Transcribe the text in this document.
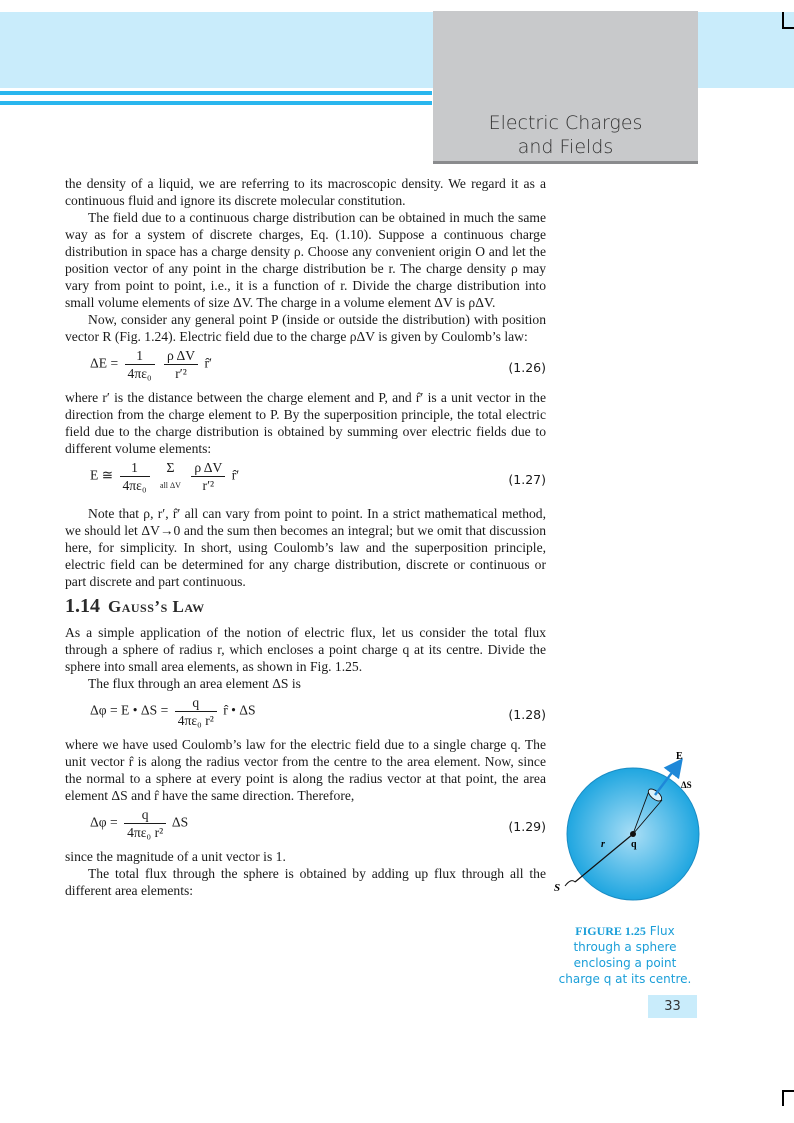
Electric Charges
and Fields

the density of a liquid, we are referring to its macroscopic density. We regard it as a continuous fluid and ignore its discrete molecular constitution.

The field due to a continuous charge distribution can be obtained in much the same way as for a system of discrete charges, Eq. (1.10). Suppose a continuous charge distribution in space has a charge density ρ. Choose any convenient origin O and let the position vector of any point in the charge distribution be r. The charge density ρ may vary from point to point, i.e., it is a function of r. Divide the charge distribution into small volume elements of size ΔV. The charge in a volume element ΔV is ρΔV.

Now, consider any general point P (inside or outside the distribution) with position vector R (Fig. 1.24). Electric field due to the charge ρΔV is given by Coulomb’s law:

$\Delta E = \frac{1}{\text{4πε₀}}$
$\frac{\text{ρ ΔV}}{\text{r′²}}$ r̂′	(1.26)

where r′ is the distance between the charge element and P, and r̂′ is a unit vector in the direction from the charge element to P. By the superposition principle, the total electric field due to the charge distribution is obtained by summing over electric fields due to different volume elements:

E ≅ $\frac{1}{\text{4πε₀}}$
	Σ
all ΔV
$\frac{\text{ρ ΔV}}{\text{r′²}}$ r̂′	(1.27)

Note that ρ, r′, r̂′ all can vary from point to point. In a strict mathematical method, we should let ΔV→0 and the sum then becomes an integral; but we omit that discussion here, for simplicity. In short, using Coulomb’s law and the superposition principle, electric field can be determined for any charge distribution, discrete or continuous or part discrete and part continuous.

1.14 Gauss’s Law

As a simple application of the notion of electric flux, let us consider the total flux through a sphere of radius r, which encloses a point charge q at its centre. Divide the sphere into small area elements, as shown in Fig. 1.25.

The flux through an area element ΔS is

Δφ = E • $\Delta S = \frac{q}{\text{4πε₀ r²}}$ r̂ • ΔS	(1.28)

where we have used Coulomb’s law for the electric field due to a single charge q. The unit vector r̂ is along the radius vector from the centre to the area element. Now, since the normal to a sphere at every point is along the radius vector at that point, the area element ΔS and r̂ have the same direction. Therefore,

$\Delta\varphi = \frac{q}{\text{4πε₀ r²}}$ ΔS	(1.29)

since the magnitude of a unit vector is 1.

The total flux through the sphere is obtained by adding up flux through all the different area elements:

E
ΔS
r	q
S
FIGURE 1.25 Flux through a sphere enclosing a point charge q at its centre.
33
